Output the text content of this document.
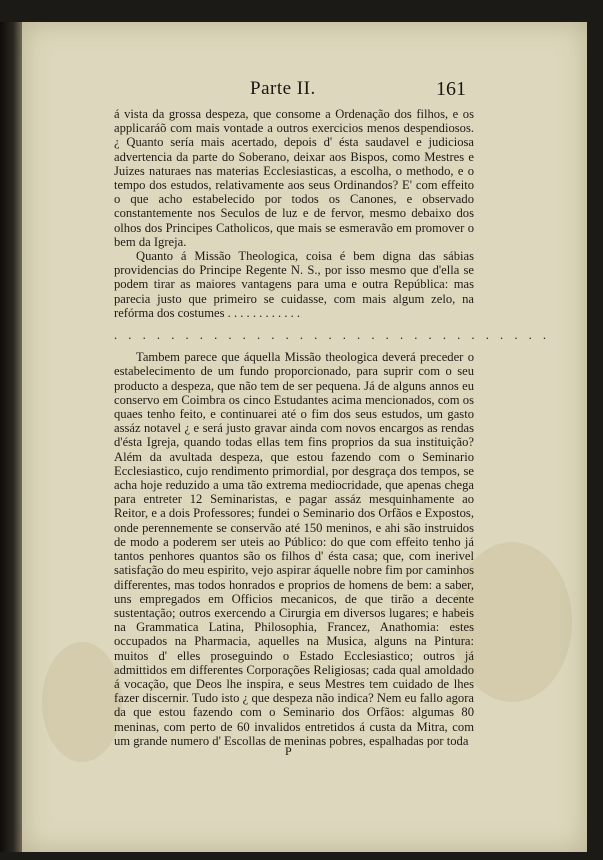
Parte II.	161

á vista da grossa despeza, que consome a Ordenação dos filhos, e os applicaráõ com mais vontade a outros exercicios menos despendiosos. ¿ Quanto sería mais acertado, depois d' ésta saudavel e judiciosa advertencia da parte do Soberano, deixar aos Bispos, como Mestres e Juizes naturaes nas materias Ecclesiasticas, a escolha, o methodo, e o tempo dos estudos, relativamente aos seus Ordinandos? E' com effeito o que acho estabelecido por todos os Canones, e observado constantemente nos Seculos de luz e de fervor, mesmo debaixo dos olhos dos Principes Catholicos, que mais se esmeravão em promover o bem da Igreja.

Quanto á Missão Theologica, coisa é bem digna das sábias providencias do Principe Regente N. S., por isso mesmo que d'ella se podem tirar as maiores vantagens para uma e outra República: mas parecia justo que primeiro se cuidasse, com mais algum zelo, na refórma dos costumes . . . . . . . . . . . .

. . . . . . . . . . . . . . . . . . . . . . . . . . . . . . .

Tambem parece que áquella Missão theologica deverá preceder o estabelecimento de um fundo proporcionado, para suprir com o seu producto a despeza, que não tem de ser pequena. Já de alguns annos eu conservo em Coimbra os cinco Estudantes acima mencionados, com os quaes tenho feito, e continuarei até o fim dos seus estudos, um gasto assáz notavel ¿ e será justo gravar ainda com novos encargos as rendas d'ésta Igreja, quando todas ellas tem fins proprios da sua instituição? Além da avultada despeza, que estou fazendo com o Seminario Ecclesiastico, cujo rendimento primordial, por desgraça dos tempos, se acha hoje reduzido a uma tão extrema mediocridade, que apenas chega para entreter 12 Seminaristas, e pagar assáz mesquinhamente ao Reitor, e a dois Professores; fundei o Seminario dos Orfãos e Expostos, onde perennemente se conservão até 150 meninos, e ahi são instruidos de modo a poderem ser uteis ao Público: do que com effeito tenho já tantos penhores quantos são os filhos d' ésta casa; que, com inerivel satisfação do meu espirito, vejo aspirar áquelle nobre fim por caminhos differentes, mas todos honrados e proprios de homens de bem: a saber, uns empregados em Officios mecanicos, de que tirão a decente sustentação; outros exercendo a Cirurgia em diversos lugares; e habeis na Grammatica Latina, Philosophia, Francez, Anathomia: estes occupados na Pharmacia, aquelles na Musica, alguns na Pintura: muitos d' elles proseguindo o Estado Ecclesiastico; outros já admittidos em differentes Corporações Religiosas; cada qual amoldado á vocação, que Deos lhe inspira, e seus Mestres tem cuidado de lhes fazer discernir. Tudo isto ¿ que despeza não indica? Nem eu fallo agora da que estou fazendo com o Seminario dos Orfãos: algumas 80 meninas, com perto de 60 invalidos entretidos á custa da Mitra, com um grande numero d' Escollas de meninas pobres, espalhadas por toda

P
